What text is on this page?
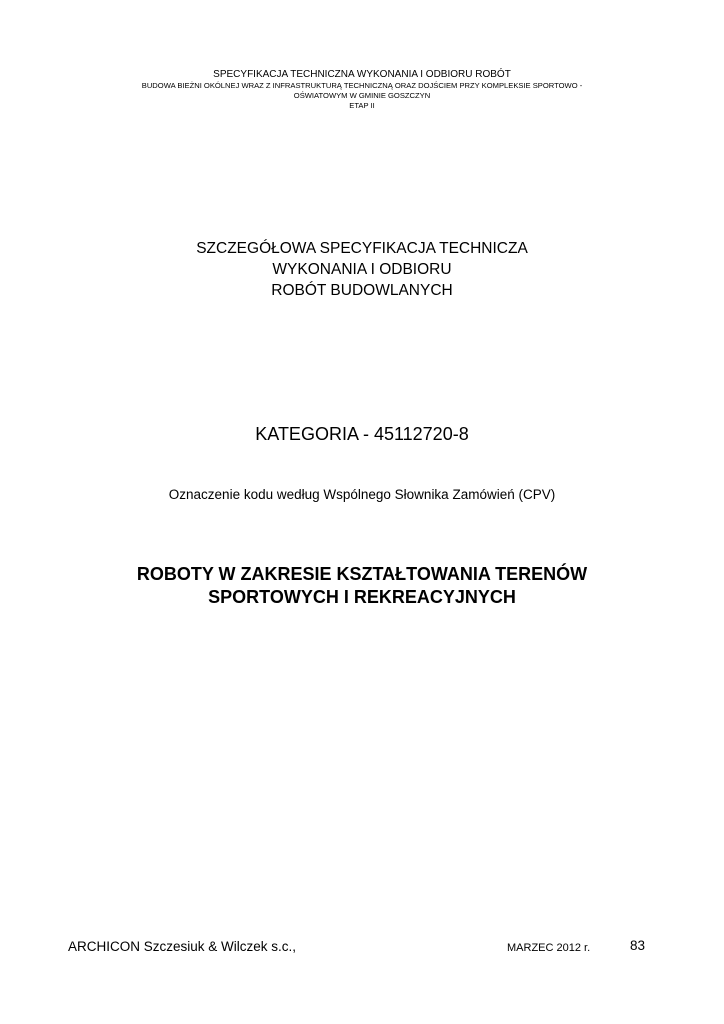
SPECYFIKACJA TECHNICZNA WYKONANIA I ODBIORU ROBÓT
BUDOWA BIEŻNI OKÓLNEJ WRAZ Z INFRASTRUKTURĄ TECHNICZNĄ ORAZ DOJŚCIEM PRZY KOMPLEKSIE SPORTOWO -
OŚWIATOWYM W GMINIE GOSZCZYN
ETAP II
SZCZEGÓŁOWA SPECYFIKACJA TECHNICZA
WYKONANIA I ODBIORU
ROBÓT BUDOWLANYCH
KATEGORIA - 45112720-8
Oznaczenie kodu według Wspólnego Słownika Zamówień (CPV)
ROBOTY W ZAKRESIE KSZTAŁTOWANIA TERENÓW
SPORTOWYCH I REKREACYJNYCH
ARCHICON Szczesiuk & Wilczek s.c.,	MARZEC 2012 r.	83
